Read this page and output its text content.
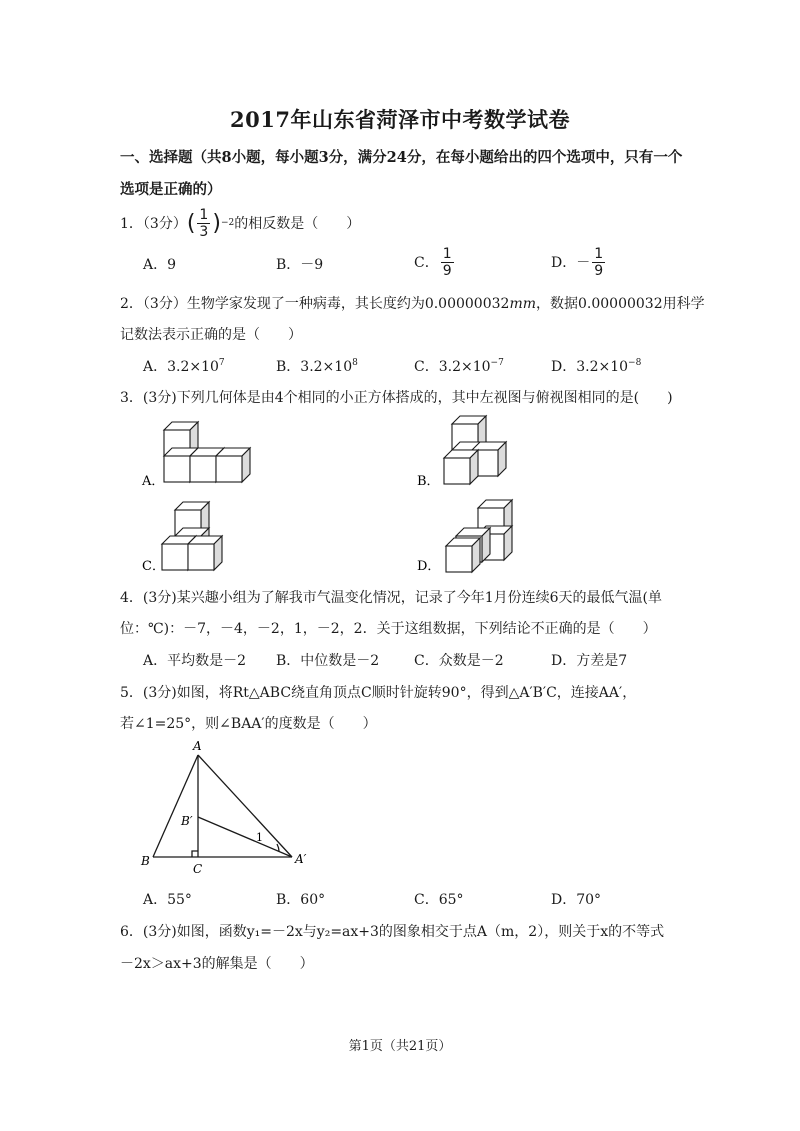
2017年山东省菏泽市中考数学试卷
一、选择题（共8小题，每小题3分，满分24分，在每小题给出的四个选项中，只有一个
选项是正确的）
1．（3分） ( $\frac{1}{3}$ ) −2 的相反数是（　　）
A．9	B．－9	C． $\frac{1}{9}$	D．－ $\frac{1}{9}$
2．（3分）生物学家发现了一种病毒，其长度约为0.00000032mm，数据0.00000032用科学
记数法表示正确的是（　　）
A．$3.2\times 10^7$	B．$3.2\times 10^8$	C．$3.2\times 10^{-7}$	D．$3.2\times 10^{-8}$
3．(3分)下列几何体是由4个相同的小正方体搭成的，其中左视图与俯视图相同的是(　　)
A．	B．
C．	D．
4．(3分)某兴趣小组为了解我市气温变化情况，记录了今年1月份连续6天的最低气温(单
位：℃)：－7，－4，－2，1，－2，2．关于这组数据，下列结论不正确的是（　　）
A．平均数是－2 B．中位数是－2 C．众数是－2	D．方差是7
5．(3分)如图，将Rt△ABC绕直角顶点C顺时针旋转90°，得到△A′B′C，连接AA′，
若∠1=25°，则∠BAA′的度数是（　　）
A
B
C
B′
A′
1
A．55°	B．60°	C．65°	D．70°
6．(3分)如图，函数y₁=－2x与y₂=ax+3的图象相交于点A（m，2），则关于x的不等式
－2x＞ax+3的解集是（　　）
第1页（共21页）
